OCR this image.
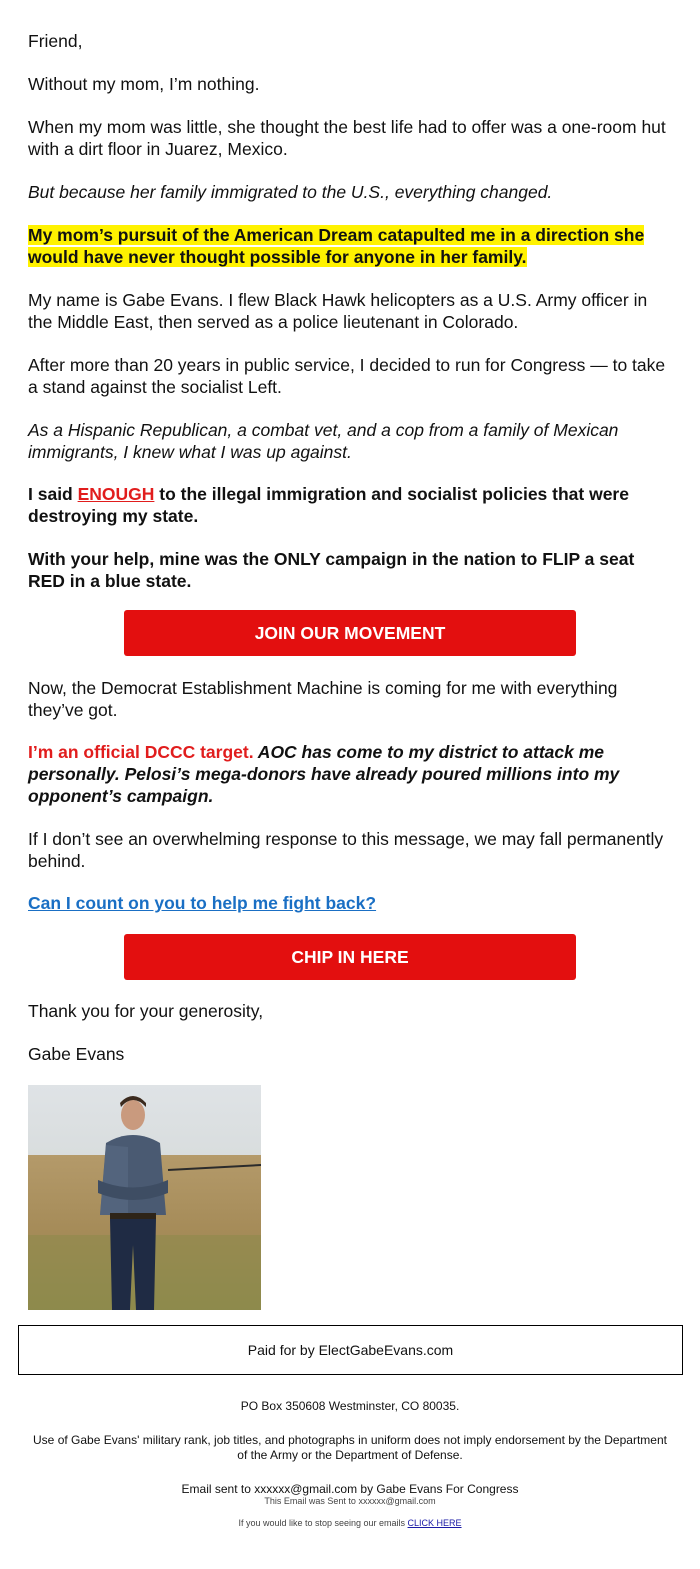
Friend,

Without my mom, I’m nothing.

When my mom was little, she thought the best life had to offer was a one-room hut with a dirt floor in Juarez, Mexico.

But because her family immigrated to the U.S., everything changed.

My mom’s pursuit of the American Dream catapulted me in a direction she would have never thought possible for anyone in her family.

My name is Gabe Evans. I flew Black Hawk helicopters as a U.S. Army officer in the Middle East, then served as a police lieutenant in Colorado.

After more than 20 years in public service, I decided to run for Congress — to take a stand against the socialist Left.

As a Hispanic Republican, a combat vet, and a cop from a family of Mexican immigrants, I knew what I was up against.

I said ENOUGH to the illegal immigration and socialist policies that were destroying my state.

With your help, mine was the ONLY campaign in the nation to FLIP a seat RED in a blue state.

Now, the Democrat Establishment Machine is coming for me with everything they’ve got.

I’m an official DCCC target. AOC has come to my district to attack me personally. Pelosi’s mega-donors have already poured millions into my opponent’s campaign.

If I don’t see an overwhelming response to this message, we may fall permanently behind.

Can I count on you to help me fight back?

Thank you for your generosity,

Gabe Evans

JOIN OUR MOVEMENT
CHIP IN HERE
Paid for by ElectGabeEvans.com
PO Box 350608 Westminster, CO 80035.
Use of Gabe Evans' military rank, job titles, and photographs in uniform does not imply endorsement by the Department of the Army or the Department of Defense.
Email sent to xxxxxx@gmail.com by Gabe Evans For Congress
This Email was Sent to xxxxxx@gmail.com
If you would like to stop seeing our emails CLICK HERE
